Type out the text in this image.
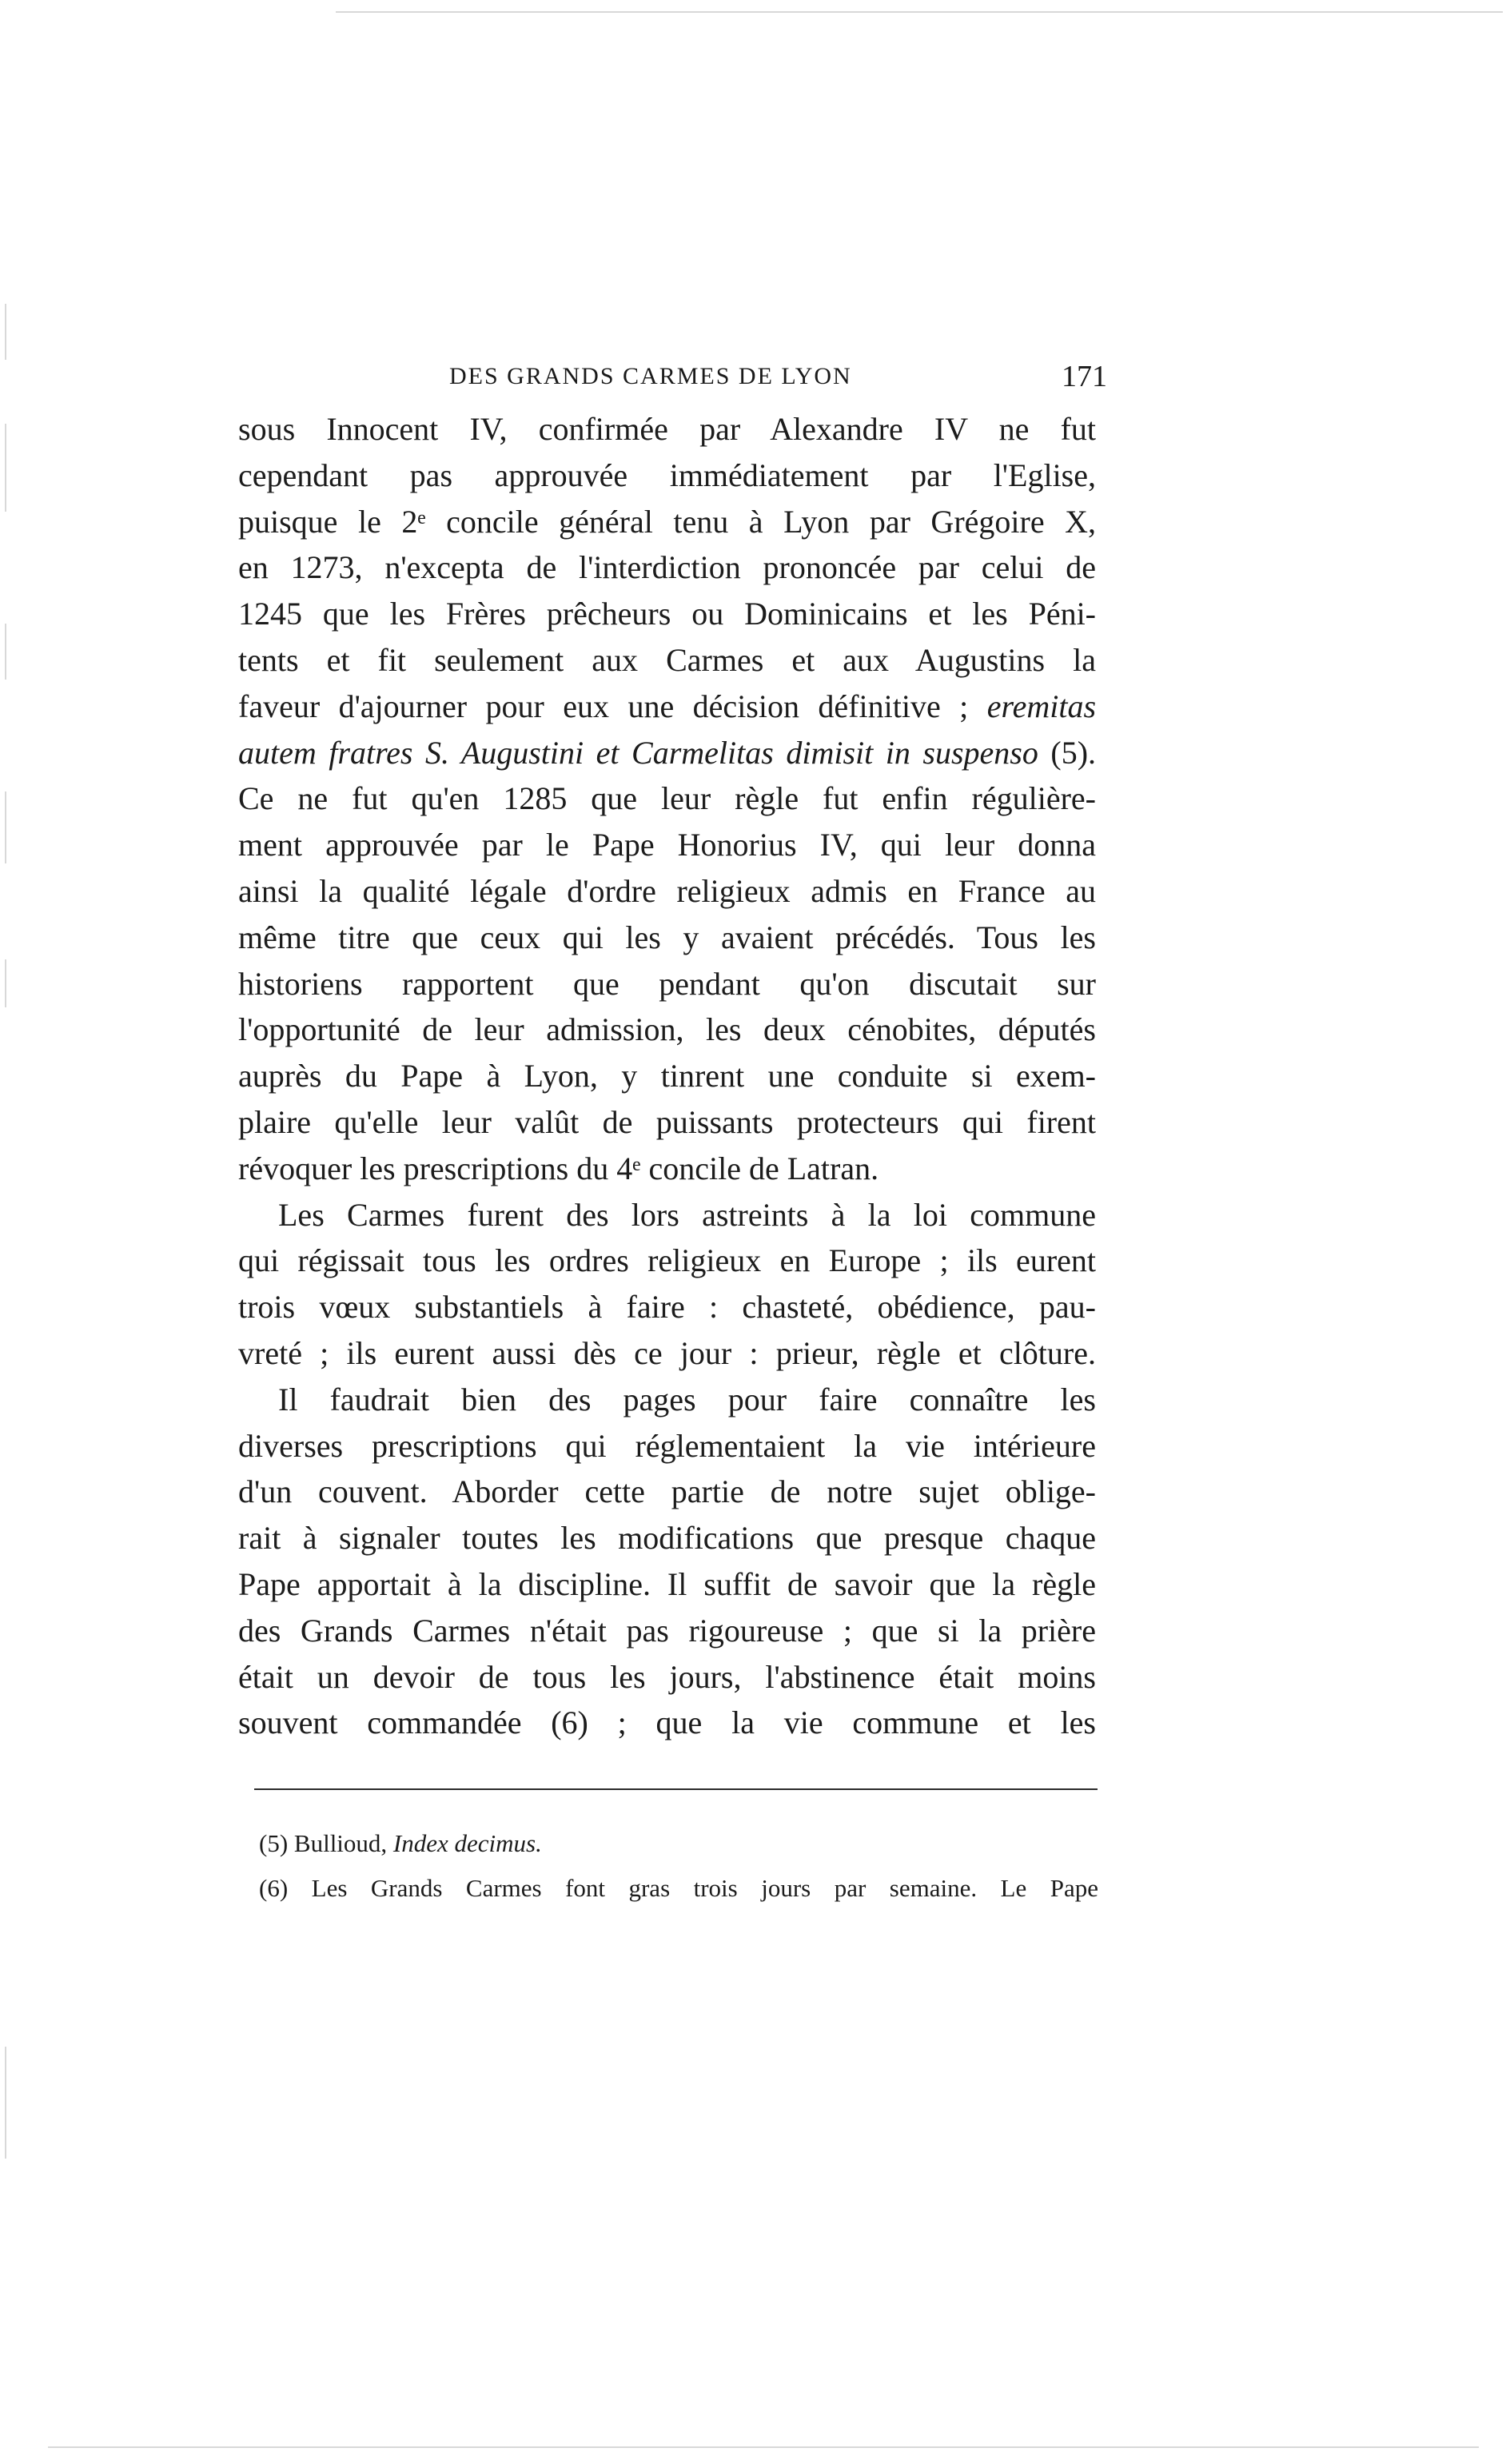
DES GRANDS CARMES DE LYON	171
sous Innocent IV, confirmée par Alexandre IV ne fut
cependant pas approuvée immédiatement par l'Eglise,
puisque le 2ᵉ concile général tenu à Lyon par Grégoire X,
en 1273, n'excepta de l'interdiction prononcée par celui de
1245 que les Frères prêcheurs ou Dominicains et les Péni-
tents et fit seulement aux Carmes et aux Augustins la
faveur d'ajourner pour eux une décision définitive ; eremitas
autem fratres S. Augustini et Carmelitas dimisit in suspenso (5).
Ce ne fut qu'en 1285 que leur règle fut enfin régulière-
ment approuvée par le Pape Honorius IV, qui leur donna
ainsi la qualité légale d'ordre religieux admis en France au
même titre que ceux qui les y avaient précédés. Tous les
historiens rapportent que pendant qu'on discutait sur
l'opportunité de leur admission, les deux cénobites, députés
auprès du Pape à Lyon, y tinrent une conduite si exem-
plaire qu'elle leur valût de puissants protecteurs qui firent
révoquer les prescriptions du 4ᵉ concile de Latran.
Les Carmes furent des lors astreints à la loi commune
qui régissait tous les ordres religieux en Europe ; ils eurent
trois vœux substantiels à faire : chasteté, obédience, pau-
vreté ; ils eurent aussi dès ce jour : prieur, règle et clôture.
Il faudrait bien des pages pour faire connaître les
diverses prescriptions qui réglementaient la vie intérieure
d'un couvent. Aborder cette partie de notre sujet oblige-
rait à signaler toutes les modifications que presque chaque
Pape apportait à la discipline. Il suffit de savoir que la règle
des Grands Carmes n'était pas rigoureuse ; que si la prière
était un devoir de tous les jours, l'abstinence était moins
souvent commandée (6) ; que la vie commune et les
(5) Bullioud, Index decimus.
(6) Les Grands Carmes font gras trois jours par semaine. Le Pape
